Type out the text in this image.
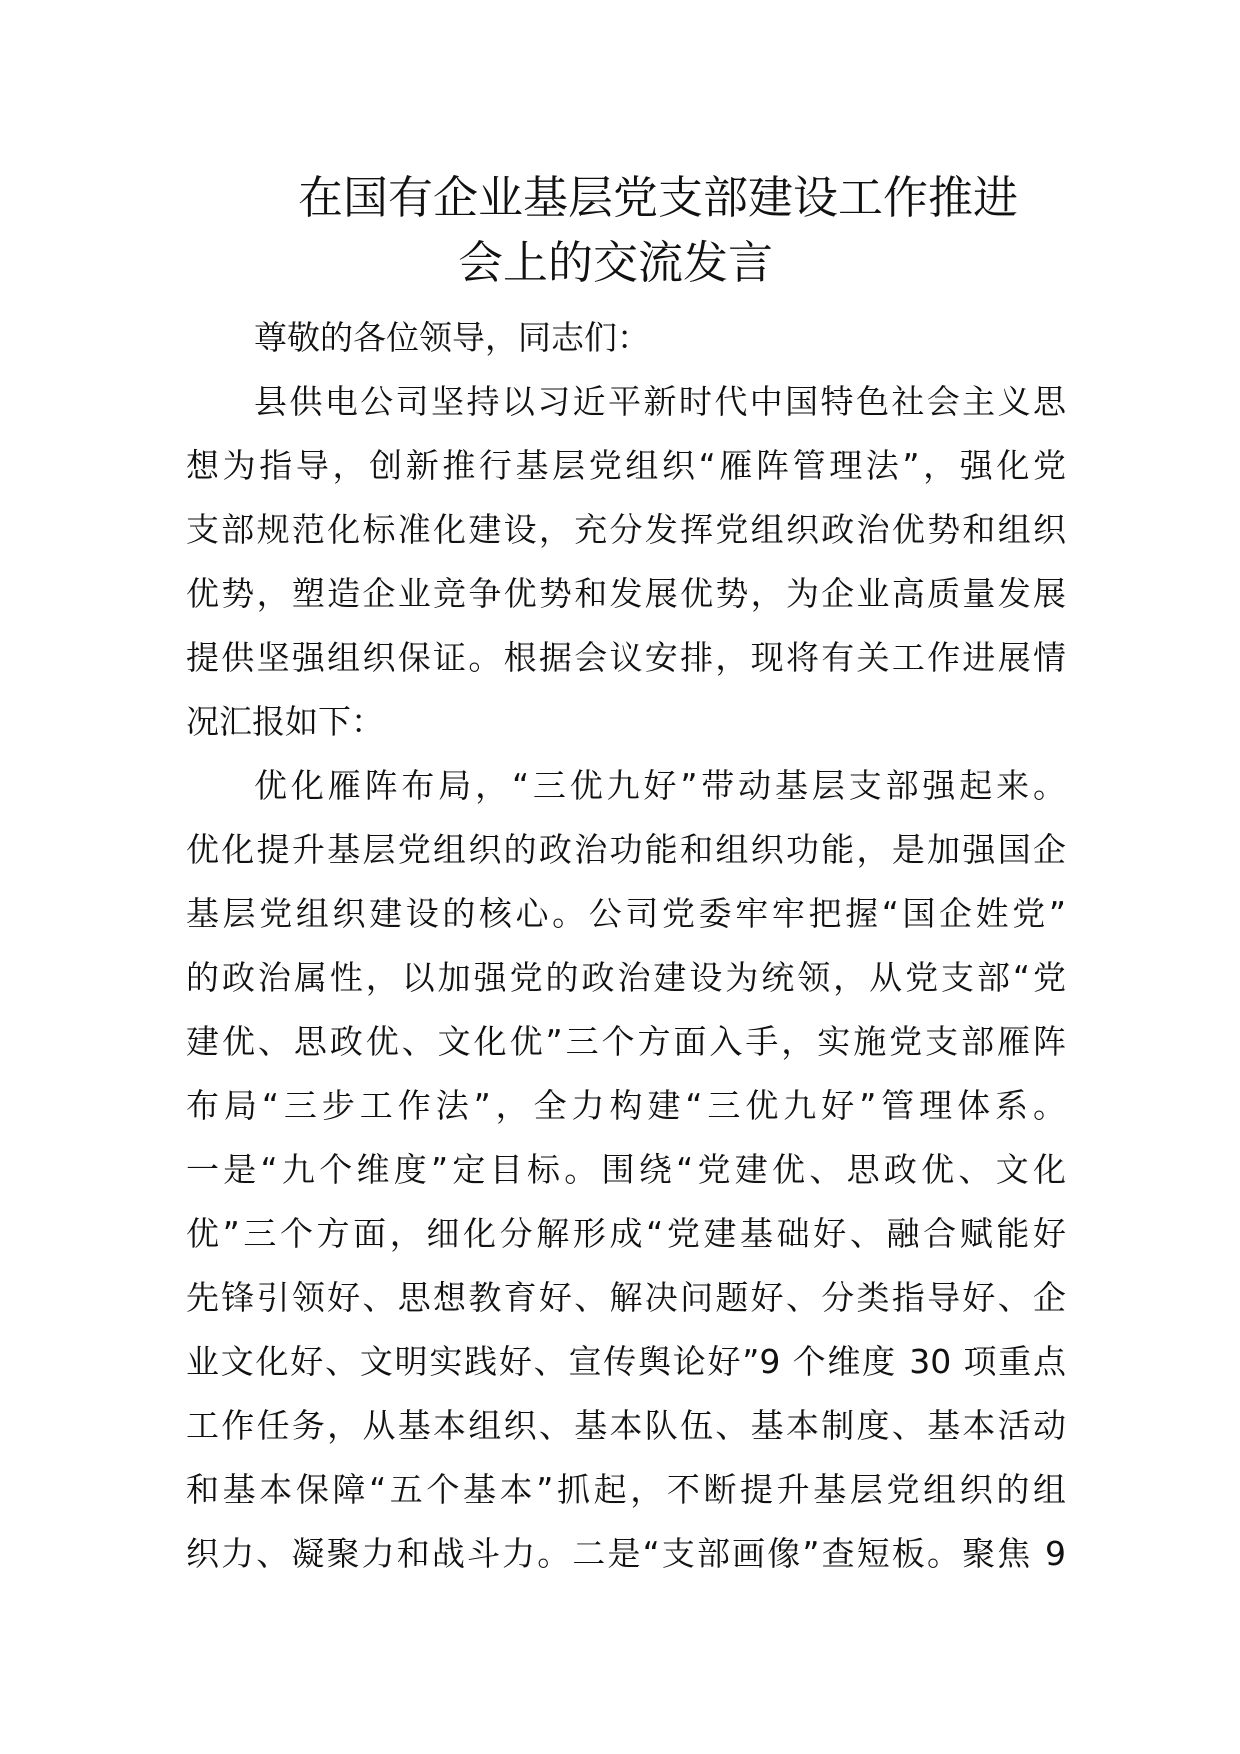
在国有企业基层党支部建设工作推进
会上的交流发言
尊敬的各位领导，同志们：
县供电公司坚持以习近平新时代中国特色社会主义思
想为指导，创新推行基层党组织“雁阵管理法”，强化党
支部规范化标准化建设，充分发挥党组织政治优势和组织
优势，塑造企业竞争优势和发展优势，为企业高质量发展
提供坚强组织保证。根据会议安排，现将有关工作进展情
况汇报如下：
优化雁阵布局，“三优九好”带动基层支部强起来。
优化提升基层党组织的政治功能和组织功能，是加强国企
基层党组织建设的核心。公司党委牢牢把握“国企姓党”
的政治属性，以加强党的政治建设为统领，从党支部“党
建优、思政优、文化优”三个方面入手，实施党支部雁阵
布局“三步工作法”，全力构建“三优九好”管理体系。
一是“九个维度”定目标。围绕“党建优、思政优、文化
优”三个方面，细化分解形成“党建基础好、融合赋能好
先锋引领好、思想教育好、解决问题好、分类指导好、企
业文化好、文明实践好、宣传舆论好”9 个维度 30 项重点
工作任务，从基本组织、基本队伍、基本制度、基本活动
和基本保障“五个基本”抓起，不断提升基层党组织的组
织力、凝聚力和战斗力。二是“支部画像”查短板。聚焦 9
